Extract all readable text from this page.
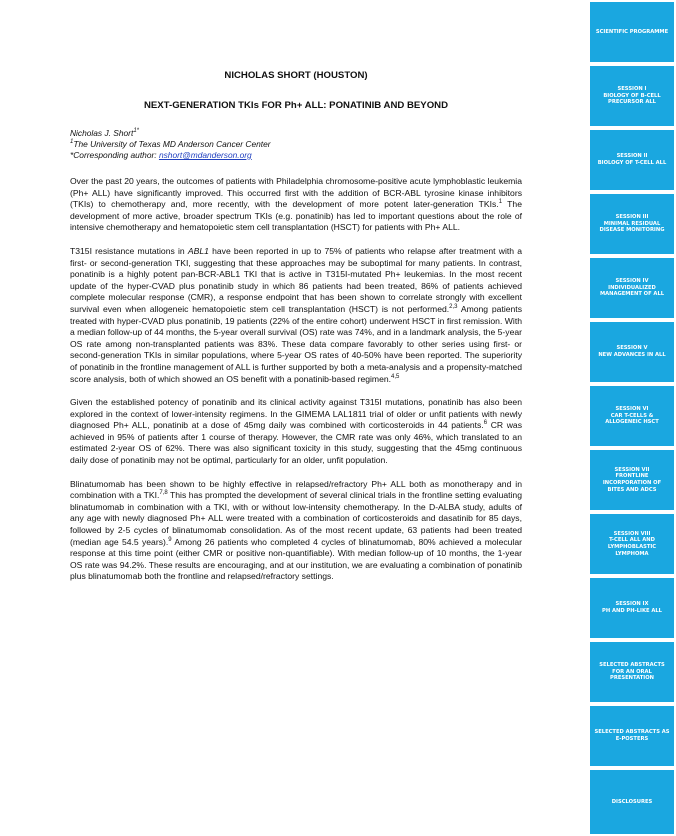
NICHOLAS SHORT (HOUSTON)
NEXT-GENERATION TKIs FOR Ph+ ALL: PONATINIB AND BEYOND
Nicholas J. Short$^{1*}$
$^1$The University of Texas MD Anderson Cancer Center
*Corresponding author: nshort@mdanderson.org

Over the past 20 years, the outcomes of patients with Philadelphia chromosome-positive acute lymphoblastic leukemia (Ph+ ALL) have significantly improved. This occurred first with the addition of BCR-ABL tyrosine kinase inhibitors (TKIs) to chemotherapy and, more recently, with the development of more potent later-generation TKIs.$^1$ The development of more active, broader spectrum TKIs (e.g. ponatinib) has led to important questions about the role of intensive chemotherapy and hematopoietic stem cell transplantation (HSCT) for patients with Ph+ ALL.

T315I resistance mutations in ABL1 have been reported in up to 75% of patients who relapse after treatment with a first- or second-generation TKI, suggesting that these approaches may be suboptimal for many patients. In contrast, ponatinib is a highly potent pan-BCR-ABL1 TKI that is active in T315I-mutated Ph+ leukemias. In the most recent update of the hyper-CVAD plus ponatinib study in which 86 patients had been treated, 86% of patients achieved complete molecular response (CMR), a response endpoint that has been shown to correlate strongly with excellent survival even when allogeneic hematopoietic stem cell transplantation (HSCT) is not performed.$^{2,3}$ Among patients treated with hyper-CVAD plus ponatinib, 19 patients (22% of the entire cohort) underwent HSCT in first remission. With a median follow-up of 44 months, the 5-year overall survival (OS) rate was 74%, and in a landmark analysis, the 5-year OS rate among non-transplanted patients was 83%. These data compare favorably to other series using first- or second-generation TKIs in similar populations, where 5-year OS rates of 40-50% have been reported. The superiority of ponatinib in the frontline management of ALL is further supported by both a meta-analysis and a propensity-matched score analysis, both of which showed an OS benefit with a ponatinib-based regimen.$^{4,5}$

Given the established potency of ponatinib and its clinical activity against T315I mutations, ponatinib has also been explored in the context of lower-intensity regimens. In the GIMEMA LAL1811 trial of older or unfit patients with newly diagnosed Ph+ ALL, ponatinib at a dose of 45mg daily was combined with corticosteroids in 44 patients.$^6$ CR was achieved in 95% of patients after 1 course of therapy. However, the CMR rate was only 46%, which translated to an estimated 2-year OS of 62%. There was also significant toxicity in this study, suggesting that the 45mg continuous daily dose of ponatinib may not be optimal, particularly for an older, unfit population.

Blinatumomab has been shown to be highly effective in relapsed/refractory Ph+ ALL both as monotherapy and in combination with a TKI.$^{7,8}$ This has prompted the development of several clinical trials in the frontline setting evaluating blinatumomab in combination with a TKI, with or without low-intensity chemotherapy. In the D-ALBA study, adults of any age with newly diagnosed Ph+ ALL were treated with a combination of corticosteroids and dasatinib for 85 days, followed by 2-5 cycles of blinatumomab consolidation. As of the most recent update, 63 patients had been treated (median age 54.5 years).$^9$ Among 26 patients who completed 4 cycles of blinatumomab, 80% achieved a molecular response at this time point (either CMR or positive non-quantifiable). With median follow-up of 10 months, the 1-year OS rate was 94.2%. These results are encouraging, and at our institution, we are evaluating a combination of ponatinib plus blinatumomab both the frontline and relapsed/refractory settings.

SCIENTIFIC PROGRAMME
SESSION I
BIOLOGY OF B-CELL PRECURSOR ALL
SESSION II
BIOLOGY OF T-CELL ALL
SESSION III
MINIMAL RESIDUAL DISEASE MONITORING
SESSION IV
INDIVIDUALIZED MANAGEMENT OF ALL
SESSION V
NEW ADVANCES IN ALL
SESSION VI
CAR T-CELLS & ALLOGENEIC HSCT
SESSION VII
FRONTLINE INCORPORATION OF BITES AND ADCS
SESSION VIII
T-CELL ALL AND LYMPHOBLASTIC LYMPHOMA
SESSION IX
PH AND PH-LIKE ALL
SELECTED ABSTRACTS FOR AN ORAL PRESENTATION
SELECTED ABSTRACTS AS E-POSTERS
DISCLOSURES
